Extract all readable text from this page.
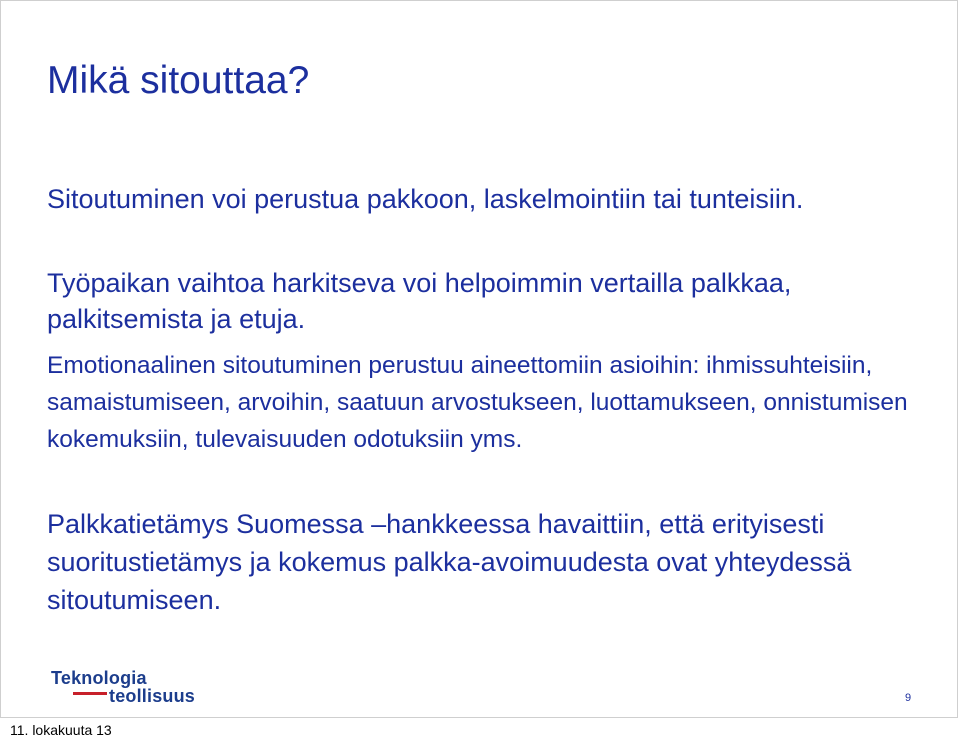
Mikä sitouttaa?

Sitoutuminen voi perustua pakkoon, laskelmointiin tai tunteisiin.

Työpaikan vaihtoa harkitseva voi helpoimmin vertailla palkkaa, palkitsemista ja etuja.

Emotionaalinen sitoutuminen perustuu aineettomiin asioihin: ihmissuhteisiin, samaistumiseen, arvoihin, saatuun arvostukseen, luottamukseen, onnistumisen kokemuksiin, tulevaisuuden odotuksiin yms.

Palkkatietämys Suomessa –hankkeessa havaittiin, että erityisesti suoritustietämys ja kokemus palkka-avoimuudesta ovat yhteydessä sitoutumiseen.

Teknologia
teollisuus	9
11. lokakuuta 13
